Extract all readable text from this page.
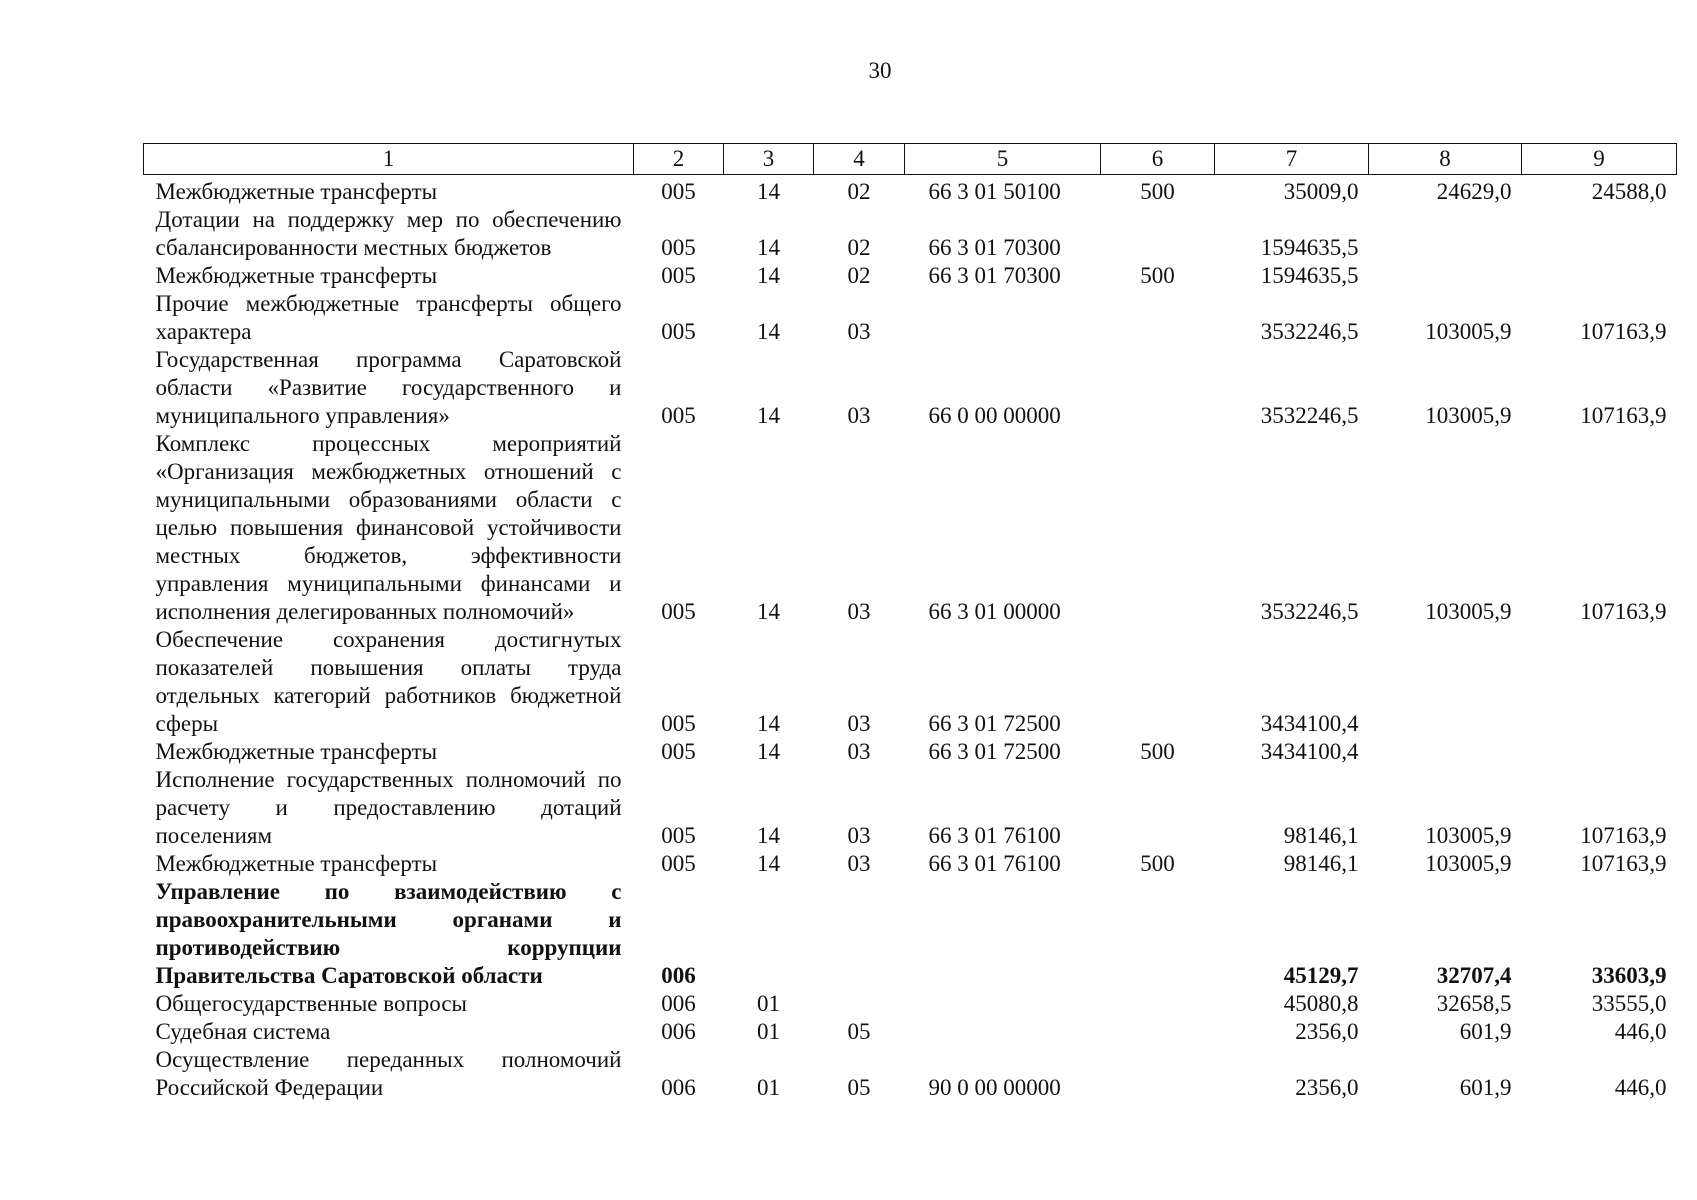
30
1	2	3	4	5	6	7	8	9
Межбюджетные трансферты	005	14	02	66 3 01 50100	500	35009,0	24629,0	24588,0
Дотации на поддержку мер по обеспечению сбалансированности местных бюджетов	005	14	02	66 3 01 70300		1594635,5		
Межбюджетные трансферты	005	14	02	66 3 01 70300	500	1594635,5		
Прочие межбюджетные трансферты общего характера	005	14	03			3532246,5	103005,9	107163,9
Государственная программа Саратовской области «Развитие государственного и муниципального управления»	005	14	03	66 0 00 00000		3532246,5	103005,9	107163,9
Комплекс процессных мероприятий «Организация межбюджетных отношений с муниципальными образованиями области с целью повышения финансовой устойчивости местных бюджетов, эффективности управления муниципальными финансами и исполнения делегированных полномочий»	005	14	03	66 3 01 00000		3532246,5	103005,9	107163,9
Обеспечение сохранения достигнутых показателей повышения оплаты труда отдельных категорий работников бюджетной сферы	005	14	03	66 3 01 72500		3434100,4		
Межбюджетные трансферты	005	14	03	66 3 01 72500	500	3434100,4		
Исполнение государственных полномочий по расчету и предоставлению дотаций поселениям	005	14	03	66 3 01 76100		98146,1	103005,9	107163,9
Межбюджетные трансферты	005	14	03	66 3 01 76100	500	98146,1	103005,9	107163,9
Управление по взаимодействию с правоохранительными органами и противодействию коррупции Правительства Саратовской области	006					45129,7	32707,4	33603,9
Общегосударственные вопросы	006	01				45080,8	32658,5	33555,0
Судебная система	006	01	05			2356,0	601,9	446,0
Осуществление переданных полномочий Российской Федерации	006	01	05	90 0 00 00000		2356,0	601,9	446,0
